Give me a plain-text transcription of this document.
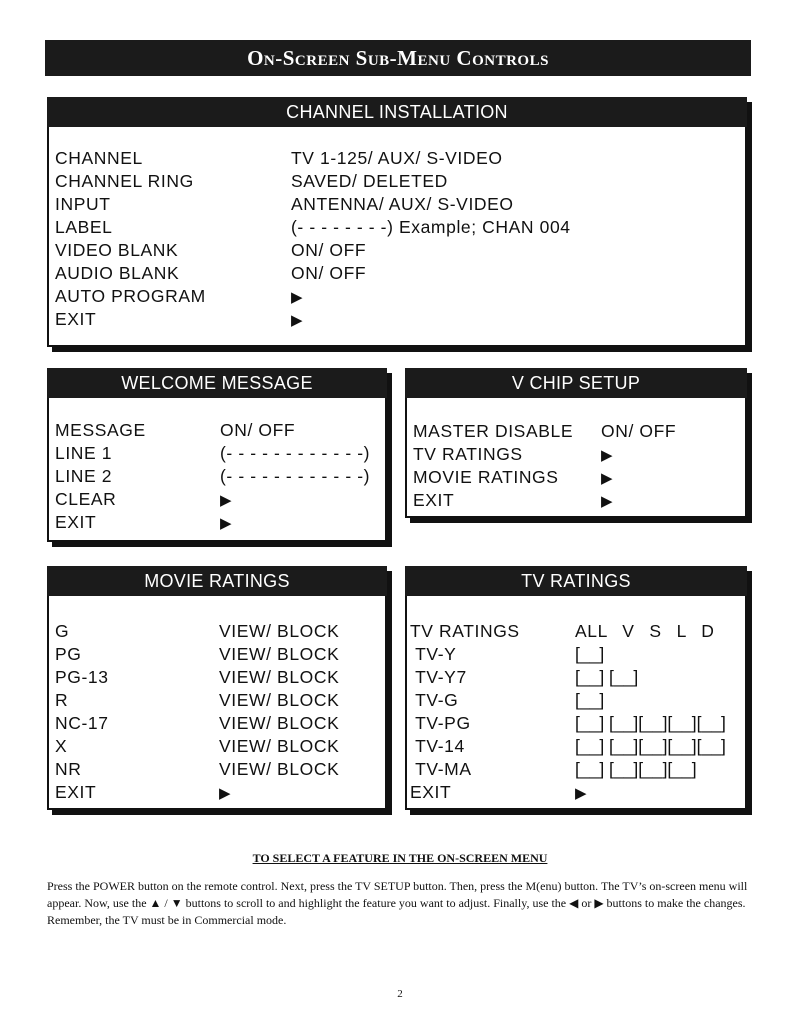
On-Screen Sub-Menu Controls
CHANNEL INSTALLATION
CHANNEL	TV 1-125/ AUX/ S-VIDEO
CHANNEL RING	SAVED/ DELETED
INPUT	ANTENNA/ AUX/ S-VIDEO
LABEL	(- - - - - - - -) Example; CHAN 004
VIDEO BLANK	ON/ OFF
AUDIO BLANK	ON/ OFF
AUTO PROGRAM	▶
EXIT	▶
WELCOME MESSAGE
MESSAGE	ON/ OFF
LINE 1	(- - - - - - - - - - - -)
LINE 2	(- - - - - - - - - - - -)
CLEAR	▶
EXIT	▶
V CHIP SETUP
MASTER DISABLE	ON/ OFF
TV RATINGS	▶
MOVIE RATINGS	▶
EXIT	▶
MOVIE RATINGS
G	VIEW/ BLOCK
PG	VIEW/ BLOCK
PG-13	VIEW/ BLOCK
R	VIEW/ BLOCK
NC-17	VIEW/ BLOCK
X	VIEW/ BLOCK
NR	VIEW/ BLOCK
EXIT	▶
TV RATINGS
TV RATINGS	ALL  V  S  L  D
TV-Y	[__]
TV-Y7	[__] [__]
TV-G	[__]
TV-PG	[__] [__][__][__][__]
TV-14	[__] [__][__][__][__]
TV-MA	[__] [__][__][__]
EXIT	▶
TO SELECT A FEATURE IN THE ON-SCREEN MENU
Press the POWER button on the remote control. Next, press the TV SETUP button. Then, press the M(enu) button. The TV’s on-screen menu will appear. Now, use the ▲ / ▼ buttons to scroll to and highlight the feature you want to adjust. Finally, use the ◀ or ▶ buttons to make the changes. Remember, the TV must be in Commercial mode.
2
